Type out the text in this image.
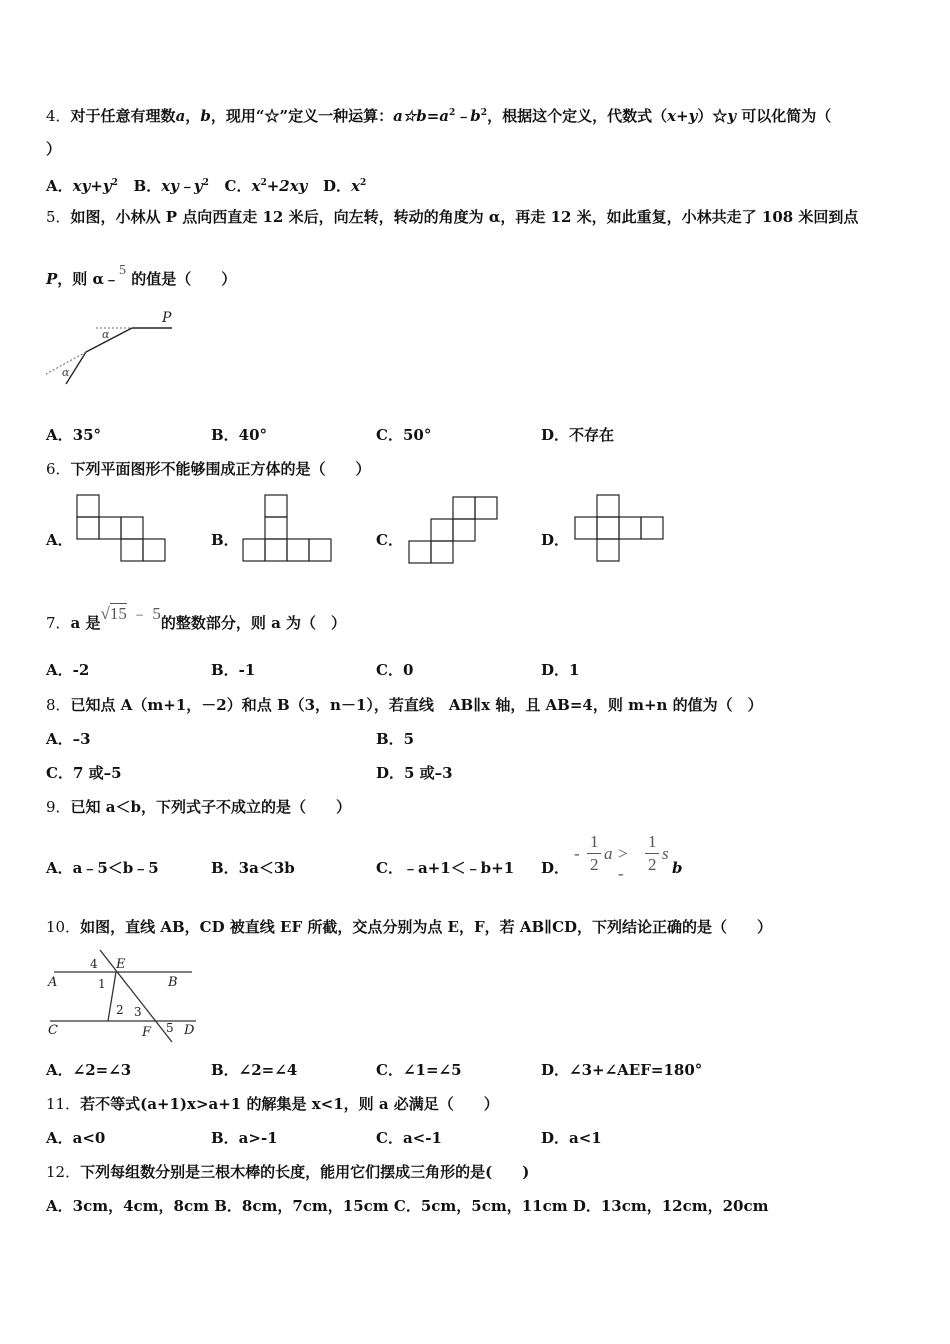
4．对于任意有理数a，b，现用“☆”定义一种运算：$a☆b=a^2﹣b^2$，根据这个定义，代数式（x+y）☆y 可以化简为（
）
A．$xy+y^2$ B．$xy﹣y^2$ C．$x^2+2xy$ D．$x^2$
5．如图，小林从 P 点向西直走 12 米后，向左转，转动的角度为 α，再走 12 米，如此重复，小林共走了 108 米回到点
P，则 α﹣5 的值是（　　）
P
α
α
A．35°	B．40°	C．50°	D．不存在
6．下列平面图形不能够围成正方体的是（　　）
A．	B．	C．	D．
7．a 是√15 ﹣ 5的整数部分，则 a 为（　）
A．-2	B．-1	C．0	D．1
8．已知点 A（m+1，－2）和点 B（3，n－1），若直线　AB∥x 轴，且 AB=4，则 m+n 的值为（　）
A．–3	B．5
C．7 或–5	D．5 或–3
9．已知 a＜b，下列式子不成立的是（　　）
A．a﹣5＜b﹣5	B．3a＜3b	C．﹣a+1＜﹣b+1 D．
-
1
2
a > -
1
2
s
b
10．如图，直线 AB，CD 被直线 EF 所截，交点分别为点 E，F，若 AB∥CD，下列结论正确的是（　　）
A	B
C	D
E
F
1
2 3
4
5
A．∠2=∠3	B．∠2=∠4	C．∠1=∠5	D．∠3+∠AEF=180°
11．若不等式(a+1)x>a+1 的解集是 x<1，则 a 必满足（　　）
A．a<0	B．a>-1	C．a<-1	D．a<1
12．下列每组数分别是三根木棒的长度，能用它们摆成三角形的是(　　)
A．3cm，4cm，8cm B．8cm，7cm，15cm C．5cm，5cm，11cm D．13cm，12cm，20cm
